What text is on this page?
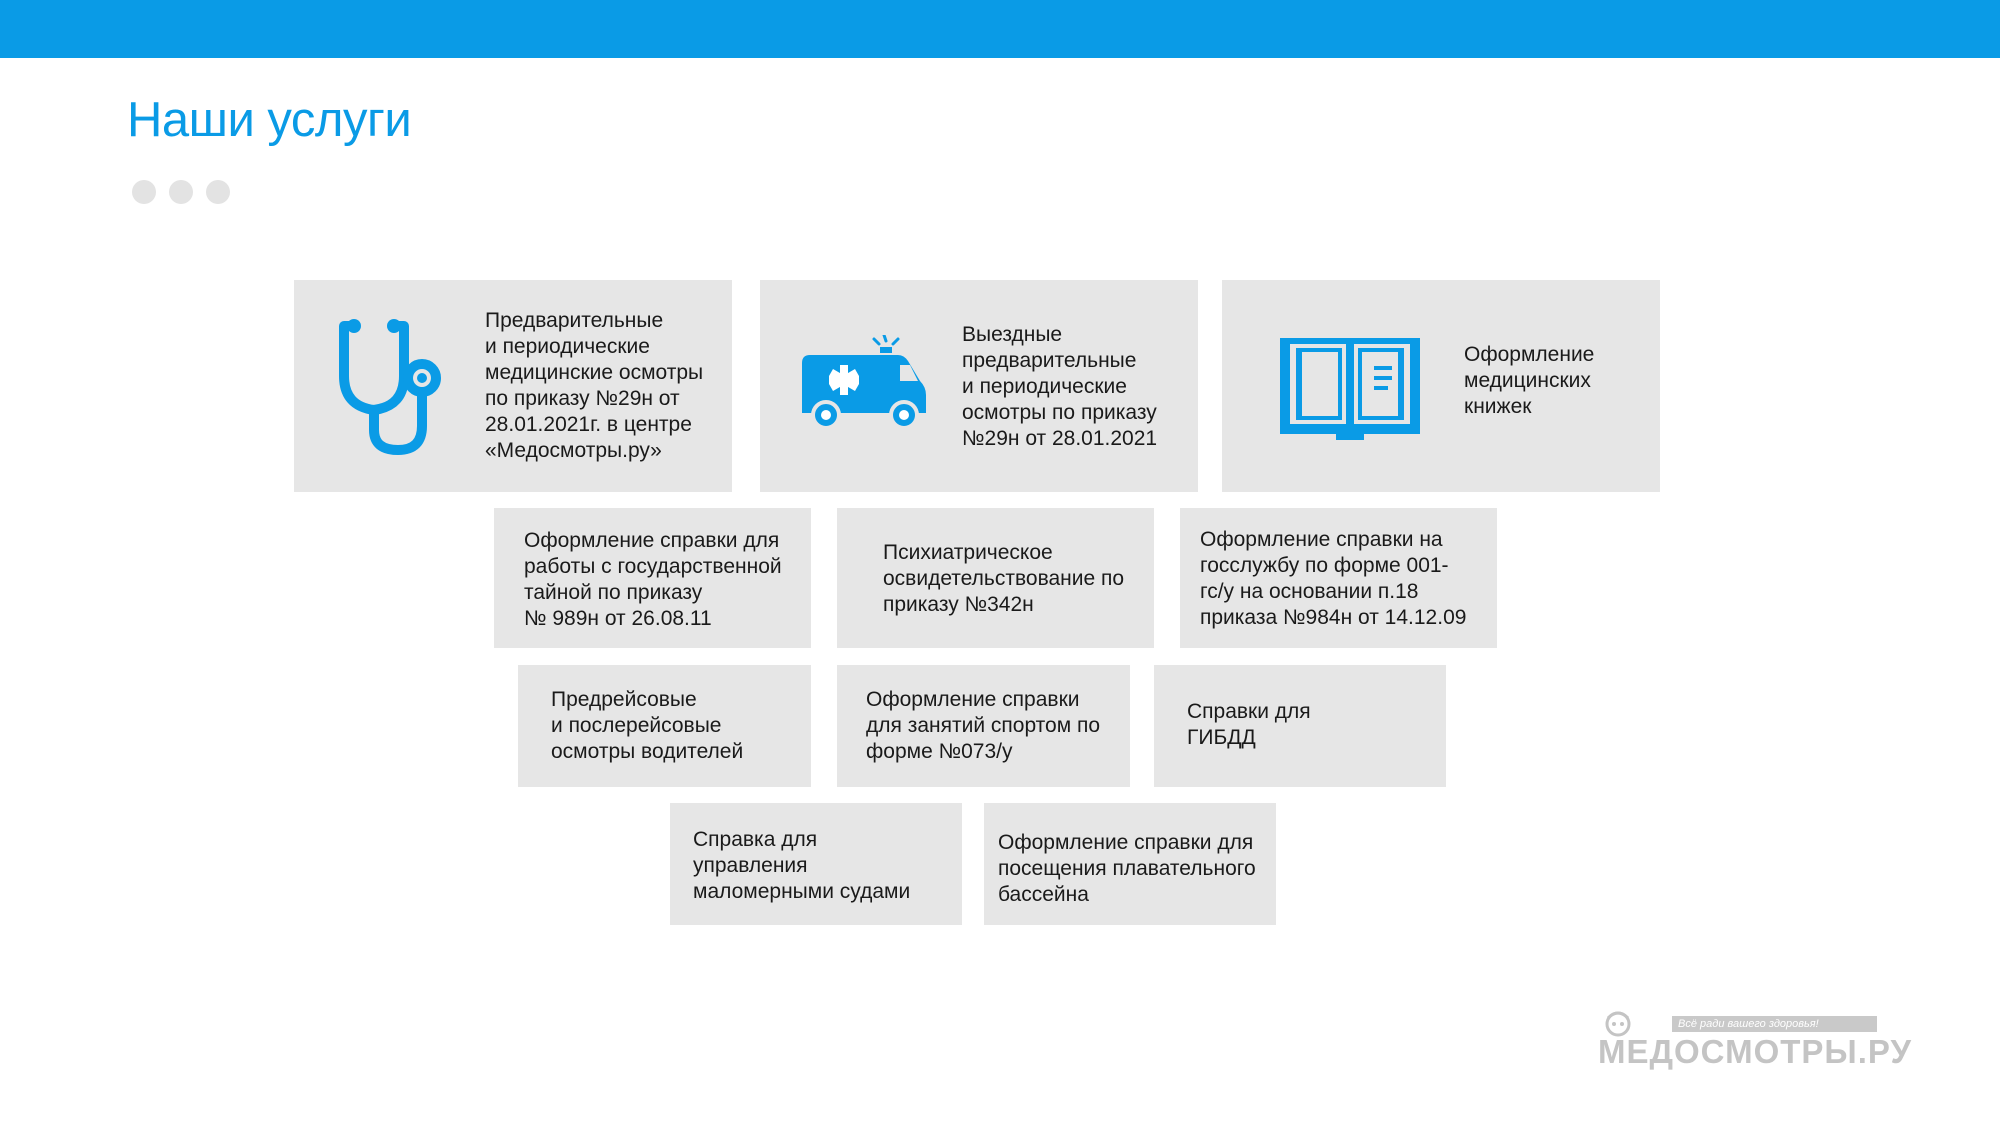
Наши услуги
Предварительные
и периодические
медицинские осмотры
по приказу №29н от
28.01.2021г. в центре
«Медосмотры.ру»
Выездные
предварительные
и периодические
осмотры по приказу
№29н от 28.01.2021
Оформление
медицинских
книжек
Оформление справки для
работы с государственной
тайной по приказу
№ 989н от 26.08.11
Психиатрическое
освидетельствование по
приказу №342н
Оформление справки на
госслужбу по форме 001-
гс/у на основании п.18
приказа №984н от 14.12.09
Предрейсовые
и послерейсовые
осмотры водителей
Оформление справки
для занятий спортом по
форме №073/у
Справки для
ГИБДД
Справка для
управления
маломерными судами
Оформление справки для
посещения плавательного
бассейна
Всё ради вашего здоровья!
МЕДОСМОТРЫ.РУ
